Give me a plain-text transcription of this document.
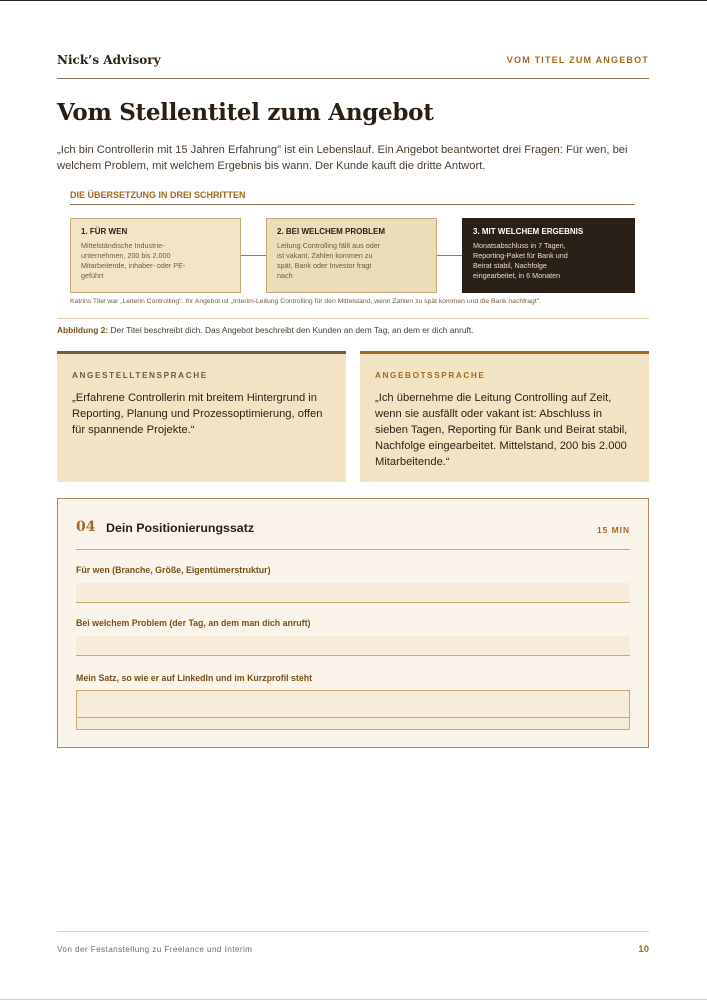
Nick’s Advisory	VOM TITEL ZUM ANGEBOT
Vom Stellentitel zum Angebot

„Ich bin Controllerin mit 15 Jahren Erfahrung" ist ein Lebenslauf. Ein Angebot beantwortet drei Fragen: Für wen, bei welchem Problem, mit welchem Ergebnis bis wann. Der Kunde kauft die dritte Antwort.

DIE ÜBERSETZUNG IN DREI SCHRITTEN
1. FÜR WEN
Mittelständische Industrie-unternehmen, 200 bis 2.000 Mitarbeitende, inhaber- oder PE-geführt
2. BEI WELCHEM PROBLEM
Leitung Controlling fällt aus oder ist vakant, Zahlen kommen zu spät, Bank oder Investor fragt nach
3. MIT WELCHEM ERGEBNIS
Monatsabschluss in 7 Tagen, Reporting-Paket für Bank und Beirat stabil, Nachfolge eingearbeitet, in 6 Monaten
Katrins Titel war „Leiterin Controlling". Ihr Angebot ist „Interim-Leitung Controlling für den Mittelstand, wenn Zahlen zu spät kommen und die Bank nachfragt".
Abbildung 2: Der Titel beschreibt dich. Das Angebot beschreibt den Kunden an dem Tag, an dem er dich anruft.
ANGESTELLTENSPRACHE
„Erfahrene Controllerin mit breitem Hintergrund in Reporting, Planung und Prozessoptimierung, offen für spannende Projekte.“
ANGEBOTSSPRACHE
„Ich übernehme die Leitung Controlling auf Zeit, wenn sie ausfällt oder vakant ist: Abschluss in sieben Tagen, Reporting für Bank und Beirat stabil, Nachfolge eingearbeitet. Mittelstand, 200 bis 2.000 Mitarbeitende.“
04 Dein Positionierungssatz	15 MIN
Für wen (Branche, Größe, Eigentümerstruktur)
Bei welchem Problem (der Tag, an dem man dich anruft)
Mein Satz, so wie er auf LinkedIn und im Kurzprofil steht
Von der Festanstellung zu Freelance und Interim	10
